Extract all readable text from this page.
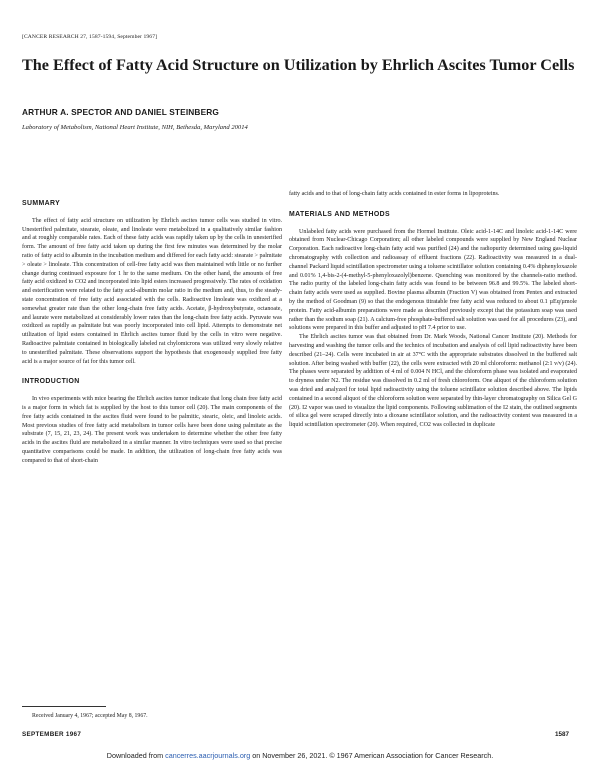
[CANCER RESEARCH 27, 1587-1594, September 1967]
The Effect of Fatty Acid Structure on Utilization by Ehrlich Ascites Tumor Cells
ARTHUR A. SPECTOR AND DANIEL STEINBERG
Laboratory of Metabolism, National Heart Institute, NIH, Bethesda, Maryland 20014
SUMMARY

The effect of fatty acid structure on utilization by Ehrlich ascites tumor cells was studied in vitro. Unesterified palmitate, stearate, oleate, and linoleate were metabolized in a qualitatively similar fashion and at roughly comparable rates. Each of these fatty acids was rapidly taken up by the cells in unesterified form. The amount of free fatty acid taken up during the first few minutes was determined by the molar ratio of fatty acid to albumin in the incubation medium and differed for each fatty acid: stearate > palmitate > oleate > linoleate. This concentration of cell-free fatty acid was then maintained with little or no further change during continued exposure for 1 hr to the same medium. On the other hand, the amounts of free fatty acid oxidized to CO2 and incorporated into lipid esters increased progressively. The rates of oxidation and esterification were related to the fatty acid-albumin molar ratio in the medium and, thus, to the steady-state concentration of free fatty acid associated with the cells. Radioactive linoleate was oxidized at a somewhat greater rate than the other long-chain free fatty acids. Acetate, β-hydroxybutyrate, octanoate, and laurate were metabolized at considerably lower rates than the long-chain free fatty acids. Pyruvate was oxidized as rapidly as palmitate but was poorly incorporated into cell lipid. Attempts to demonstrate net utilization of lipid esters contained in Ehrlich ascites tumor fluid by the cells in vitro were negative. Radioactive palmitate contained in biologically labeled rat chylomicrons was utilized very slowly relative to unesterified palmitate. These observations support the hypothesis that exogenously supplied free fatty acid is a major source of fat for this tumor cell.

INTRODUCTION

In vivo experiments with mice bearing the Ehrlich ascites tumor indicate that long chain free fatty acid is a major form in which fat is supplied by the host to this tumor cell (20). The main components of the free fatty acids contained in the ascites fluid were found to be palmitic, stearic, oleic, and linoleic acids. Most previous studies of free fatty acid metabolism in tumor cells have been done using palmitate as the substrate (7, 15, 21, 23, 24). The present work was undertaken to determine whether the other free fatty acids in the ascites fluid are metabolized in a similar manner. In vitro techniques were used so that precise quantitative comparisons could be made. In addition, the utilization of long-chain free fatty acids was compared to that of short-chain

fatty acids and to that of long-chain fatty acids contained in ester forms in lipoproteins.

MATERIALS AND METHODS

Unlabeled fatty acids were purchased from the Hormel Institute. Oleic acid-1-14C and linoleic acid-1-14C were obtained from Nuclear-Chicago Corporation; all other labeled compounds were supplied by New England Nuclear Corporation. Each radioactive long-chain fatty acid was purified (24) and the radiopurity determined using gas-liquid chromatography with collection and radioassay of effluent fractions (22). Radioactivity was measured in a dual-channel Packard liquid scintillation spectrometer using a toluene scintillator solution containing 0.4% diphenyloxazole and 0.01% 1,4-bis-2-(4-methyl-5-phenyloxazolyl)benzene. Quenching was monitored by the channels-ratio method. The radio purity of the labeled long-chain fatty acids was found to be between 96.8 and 99.5%. The labeled short-chain fatty acids were used as supplied. Bovine plasma albumin (Fraction V) was obtained from Pentex and extracted by the method of Goodman (9) so that the endogenous titratable free fatty acid was reduced to about 0.1 µEq/µmole protein. Fatty acid-albumin preparations were made as described previously except that the potassium soap was used rather than the sodium soap (21). A calcium-free phosphate-buffered salt solution was used for all procedures (23), and solutions were prepared in this buffer and adjusted to pH 7.4 prior to use.

The Ehrlich ascites tumor was that obtained from Dr. Mark Woods, National Cancer Institute (20). Methods for harvesting and washing the tumor cells and the technics of incubation and analysis of cell lipid radioactivity have been described (21–24). Cells were incubated in air at 37°C with the appropriate substrates dissolved in the buffered salt solution. After being washed with buffer (22), the cells were extracted with 20 ml chloroform: methanol (2:1 v/v) (24). The phases were separated by addition of 4 ml of 0.004 N HCl, and the chloroform phase was isolated and evaporated to dryness under N2. The residue was dissolved in 0.2 ml of fresh chloroform. One aliquot of the chloroform solution was dried and analyzed for total lipid radioactivity using the toluene scintillator solution described above. The lipids contained in a second aliquot of the chloroform solution were separated by thin-layer chromatography on Silica Gel G (20). I2 vapor was used to visualize the lipid components. Following sublimation of the I2 stain, the outlined segments of silica gel were scraped directly into a dioxane scintillator solution, and the radioactivity content was measured in a liquid scintillation spectrometer (20). When required, CO2 was collected in duplicate

Received January 4, 1967; accepted May 8, 1967.
SEPTEMBER 1967	1587
Downloaded from cancerres.aacrjournals.org on November 26, 2021. © 1967 American Association for Cancer Research.
